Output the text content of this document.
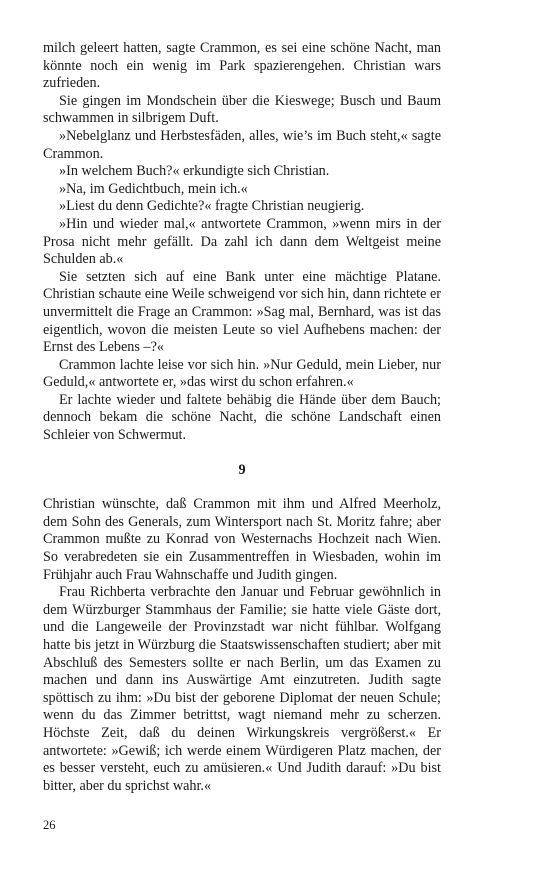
milch geleert hatten, sagte Crammon, es sei eine schöne Nacht, man könnte noch ein wenig im Park spazierengehen. Christian wars zufrieden.

Sie gingen im Mondschein über die Kieswege; Busch und Baum schwammen in silbrigem Duft.

»Nebelglanz und Herbstesfäden, alles, wie’s im Buch steht,« sagte Crammon.

»In welchem Buch?« erkundigte sich Christian.

»Na, im Gedichtbuch, mein ich.«

»Liest du denn Gedichte?« fragte Christian neugierig.

»Hin und wieder mal,« antwortete Crammon, »wenn mirs in der Prosa nicht mehr gefällt. Da zahl ich dann dem Weltgeist meine Schulden ab.«

Sie setzten sich auf eine Bank unter eine mächtige Platane. Christian schaute eine Weile schweigend vor sich hin, dann richtete er unvermittelt die Frage an Crammon: »Sag mal, Bernhard, was ist das eigentlich, wovon die meisten Leute so viel Aufhebens machen: der Ernst des Lebens –?«

Crammon lachte leise vor sich hin. »Nur Geduld, mein Lieber, nur Geduld,« antwortete er, »das wirst du schon erfahren.«

Er lachte wieder und faltete behäbig die Hände über dem Bauch; dennoch bekam die schöne Nacht, die schöne Landschaft einen Schleier von Schwermut.

9

Christian wünschte, daß Crammon mit ihm und Alfred Meerholz, dem Sohn des Generals, zum Wintersport nach St. Moritz fahre; aber Crammon mußte zu Konrad von Westernachs Hochzeit nach Wien. So verabredeten sie ein Zusammentreffen in Wiesbaden, wohin im Frühjahr auch Frau Wahnschaffe und Judith gingen.

Frau Richberta verbrachte den Januar und Februar gewöhnlich in dem Würzburger Stammhaus der Familie; sie hatte viele Gäste dort, und die Langeweile der Provinzstadt war nicht fühlbar. Wolfgang hatte bis jetzt in Würzburg die Staatswissenschaften studiert; aber mit Abschluß des Semesters sollte er nach Berlin, um das Examen zu machen und dann ins Auswärtige Amt einzutreten. Judith sagte spöttisch zu ihm: »Du bist der geborene Diplomat der neuen Schule; wenn du das Zimmer betrittst, wagt niemand mehr zu scherzen. Höchste Zeit, daß du deinen Wirkungskreis vergrößerst.« Er antwortete: »Gewiß; ich werde einem Würdigeren Platz machen, der es besser versteht, euch zu amüsieren.« Und Judith darauf: »Du bist bitter, aber du sprichst wahr.«

26
